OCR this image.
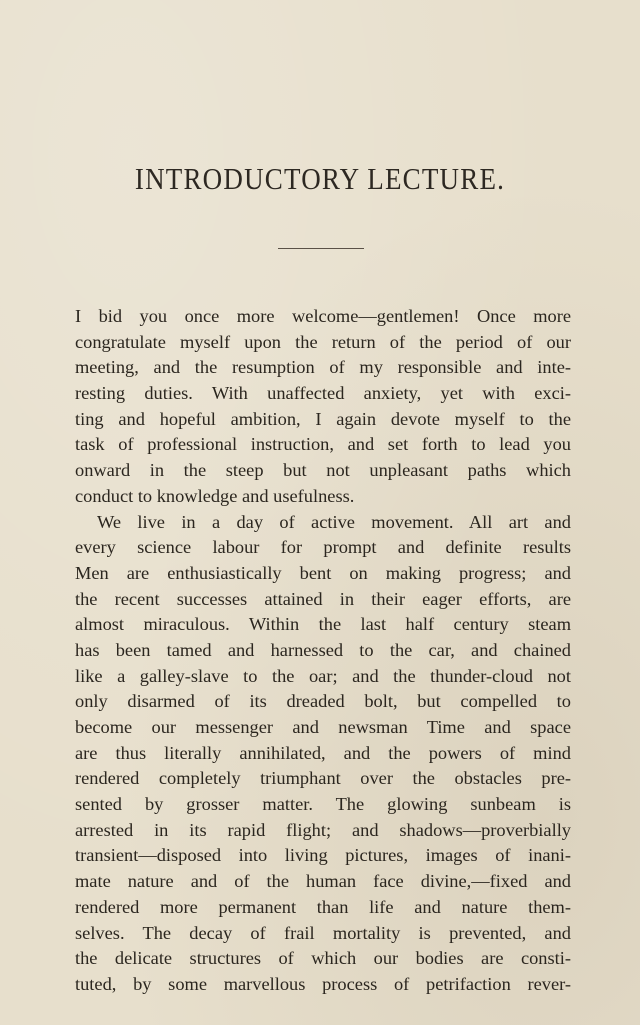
INTRODUCTORY LECTURE.
I bid you once more welcome—gentlemen! Once more
congratulate myself upon the return of the period of our
meeting, and the resumption of my responsible and inte-
resting duties. With unaffected anxiety, yet with exci-
ting and hopeful ambition, I again devote myself to the
task of professional instruction, and set forth to lead you
onward in the steep but not unpleasant paths which
conduct to knowledge and usefulness.
We live in a day of active movement. All art and
every science labour for prompt and definite results
Men are enthusiastically bent on making progress; and
the recent successes attained in their eager efforts, are
almost miraculous. Within the last half century steam
has been tamed and harnessed to the car, and chained
like a galley-slave to the oar; and the thunder-cloud not
only disarmed of its dreaded bolt, but compelled to
become our messenger and newsman Time and space
are thus literally annihilated, and the powers of mind
rendered completely triumphant over the obstacles pre-
sented by grosser matter. The glowing sunbeam is
arrested in its rapid flight; and shadows—proverbially
transient—disposed into living pictures, images of inani-
mate nature and of the human face divine,—fixed and
rendered more permanent than life and nature them-
selves. The decay of frail mortality is prevented, and
the delicate structures of which our bodies are consti-
tuted, by some marvellous process of petrifaction rever-
